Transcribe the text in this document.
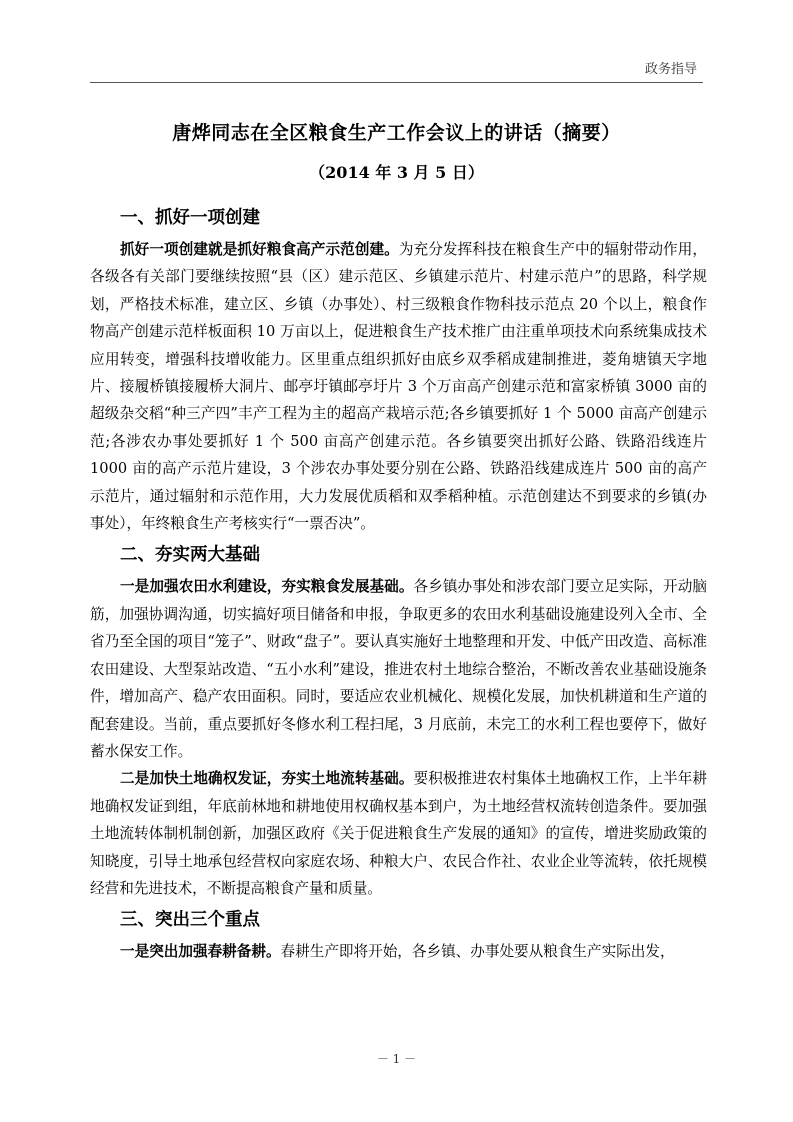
政务指导
唐烨同志在全区粮食生产工作会议上的讲话（摘要）
（2014 年 3 月 5 日）
一、抓好一项创建

抓好一项创建就是抓好粮食高产示范创建。为充分发挥科技在粮食生产中的辐射带动作用，各级各有关部门要继续按照“县（区）建示范区、乡镇建示范片、村建示范户”的思路，科学规划，严格技术标准，建立区、乡镇（办事处）、村三级粮食作物科技示范点 20 个以上，粮食作物高产创建示范样板面积 10 万亩以上，促进粮食生产技术推广由注重单项技术向系统集成技术应用转变，增强科技增收能力。区里重点组织抓好由底乡双季稻成建制推进，菱角塘镇天字地片、接履桥镇接履桥大洞片、邮亭圩镇邮亭圩片 3 个万亩高产创建示范和富家桥镇 3000 亩的超级杂交稻“种三产四”丰产工程为主的超高产栽培示范;各乡镇要抓好 1 个 5000 亩高产创建示范;各涉农办事处要抓好 1 个 500 亩高产创建示范。各乡镇要突出抓好公路、铁路沿线连片 1000 亩的高产示范片建设，3 个涉农办事处要分别在公路、铁路沿线建成连片 500 亩的高产示范片，通过辐射和示范作用，大力发展优质稻和双季稻种植。示范创建达不到要求的乡镇(办事处），年终粮食生产考核实行“一票否决”。

二、夯实两大基础

一是加强农田水利建设，夯实粮食发展基础。各乡镇办事处和涉农部门要立足实际，开动脑筋，加强协调沟通，切实搞好项目储备和申报，争取更多的农田水利基础设施建设列入全市、全省乃至全国的项目“笼子”、财政“盘子”。要认真实施好土地整理和开发、中低产田改造、高标准农田建设、大型泵站改造、“五小水利”建设，推进农村土地综合整治，不断改善农业基础设施条件，增加高产、稳产农田面积。同时，要适应农业机械化、规模化发展，加快机耕道和生产道的配套建设。当前，重点要抓好冬修水利工程扫尾，3 月底前，未完工的水利工程也要停下，做好蓄水保安工作。

二是加快土地确权发证，夯实土地流转基础。要积极推进农村集体土地确权工作，上半年耕地确权发证到组，年底前林地和耕地使用权确权基本到户，为土地经营权流转创造条件。要加强土地流转体制机制创新，加强区政府《关于促进粮食生产发展的通知》的宣传，增进奖励政策的知晓度，引导土地承包经营权向家庭农场、种粮大户、农民合作社、农业企业等流转，依托规模经营和先进技术，不断提高粮食产量和质量。

三、突出三个重点

一是突出加强春耕备耕。春耕生产即将开始，各乡镇、办事处要从粮食生产实际出发，

－ 1 －
